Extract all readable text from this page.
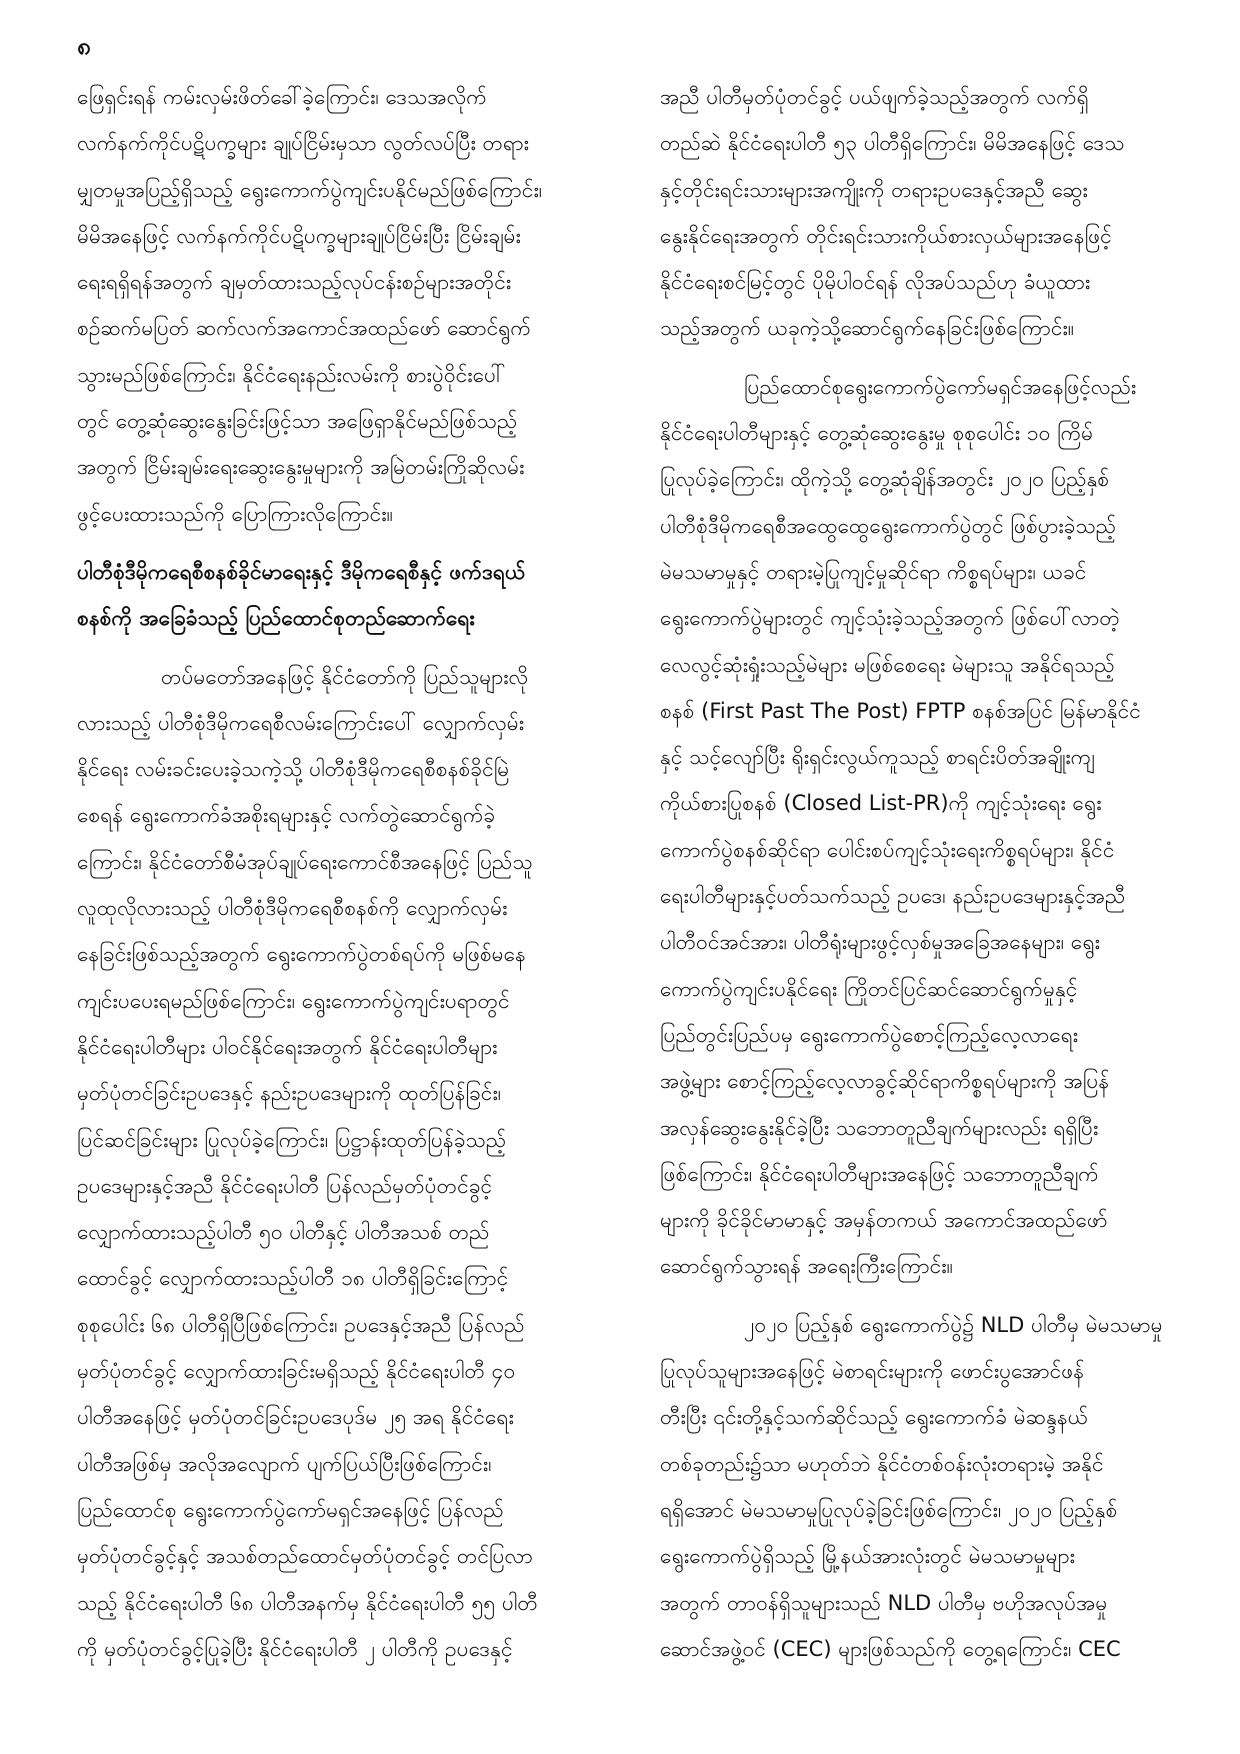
၈

ဖြေရှင်းရန် ကမ်းလှမ်းဖိတ်ခေါ်ခဲ့ကြောင်း၊ ဒေသအလိုက်
လက်နက်ကိုင်ပဋိပက္ခများ ချုပ်ငြိမ်းမှသာ လွတ်လပ်ပြီး တရား
မျှတမှုအပြည့်ရှိသည့် ရွေးကောက်ပွဲကျင်းပနိုင်မည်ဖြစ်ကြောင်း၊
မိမိအနေဖြင့် လက်နက်ကိုင်ပဋိပက္ခများချုပ်ငြိမ်းပြီး ငြိမ်းချမ်း
ရေးရရှိရန်အတွက် ချမှတ်ထားသည့်လုပ်ငန်းစဉ်များအတိုင်း
စဉ်ဆက်မပြတ် ဆက်လက်အကောင်အထည်ဖော် ဆောင်ရွက်
သွားမည်ဖြစ်ကြောင်း၊ နိုင်ငံရေးနည်းလမ်းကို စားပွဲဝိုင်းပေါ်
တွင် တွေ့ဆုံဆွေးနွေးခြင်းဖြင့်သာ အဖြေရှာနိုင်မည်ဖြစ်သည့်
အတွက် ငြိမ်းချမ်းရေးဆွေးနွေးမှုများကို အမြဲတမ်းကြိုဆိုလမ်း
ဖွင့်ပေးထားသည်ကို ပြောကြားလိုကြောင်း။

ပါတီစုံဒီမိုကရေစီစနစ်ခိုင်မာရေးနှင့် ဒီမိုကရေစီနှင့် ဖက်ဒရယ်
စနစ်ကို အခြေခံသည့် ပြည်ထောင်စုတည်ဆောက်ရေး

တပ်မတော်အနေဖြင့် နိုင်ငံတော်ကို ပြည်သူများလို
လားသည့် ပါတီစုံဒီမိုကရေစီလမ်းကြောင်းပေါ် လျှောက်လှမ်း
နိုင်ရေး လမ်းခင်းပေးခဲ့သကဲ့သို့ ပါတီစုံဒီမိုကရေစီစနစ်ခိုင်မြဲ
စေရန် ရွေးကောက်ခံအစိုးရများနှင့် လက်တွဲဆောင်ရွက်ခဲ့
ကြောင်း၊ နိုင်ငံတော်စီမံအုပ်ချုပ်ရေးကောင်စီအနေဖြင့် ပြည်သူ
လူထုလိုလားသည့် ပါတီစုံဒီမိုကရေစီစနစ်ကို လျှောက်လှမ်း
နေခြင်းဖြစ်သည့်အတွက် ရွေးကောက်ပွဲတစ်ရပ်ကို မဖြစ်မနေ
ကျင်းပပေးရမည်ဖြစ်ကြောင်း၊ ရွေးကောက်ပွဲကျင်းပရာတွင်
နိုင်ငံရေးပါတီများ ပါဝင်နိုင်ရေးအတွက် နိုင်ငံရေးပါတီများ
မှတ်ပုံတင်ခြင်းဥပဒေနှင့် နည်းဥပဒေများကို ထုတ်ပြန်ခြင်း၊
ပြင်ဆင်ခြင်းများ ပြုလုပ်ခဲ့ကြောင်း၊ ပြဋ္ဌာန်းထုတ်ပြန်ခဲ့သည့်
ဥပဒေများနှင့်အညီ နိုင်ငံရေးပါတီ ပြန်လည်မှတ်ပုံတင်ခွင့်
လျှောက်ထားသည့်ပါတီ ၅၀ ပါတီနှင့် ပါတီအသစ် တည်
ထောင်ခွင့် လျှောက်ထားသည့်ပါတီ ၁၈ ပါတီရှိခြင်းကြောင့်
စုစုပေါင်း ၆၈ ပါတီရှိပြီဖြစ်ကြောင်း၊ ဥပဒေနှင့်အညီ ပြန်လည်
မှတ်ပုံတင်ခွင့် လျှောက်ထားခြင်းမရှိသည့် နိုင်ငံရေးပါတီ ၄၀
ပါတီအနေဖြင့် မှတ်ပုံတင်ခြင်းဥပဒေပုဒ်မ ၂၅ အရ နိုင်ငံရေး
ပါတီအဖြစ်မှ အလိုအလျောက် ပျက်ပြယ်ပြီးဖြစ်ကြောင်း၊
ပြည်ထောင်စု ရွေးကောက်ပွဲကော်မရှင်အနေဖြင့် ပြန်လည်
မှတ်ပုံတင်ခွင့်နှင့် အသစ်တည်ထောင်မှတ်ပုံတင်ခွင့် တင်ပြလာ
သည့် နိုင်ငံရေးပါတီ ၆၈ ပါတီအနက်မှ နိုင်ငံရေးပါတီ ၅၅ ပါတီ
ကို မှတ်ပုံတင်ခွင့်ပြုခဲ့ပြီး နိုင်ငံရေးပါတီ ၂ ပါတီကို ဥပဒေနှင့်

အညီ ပါတီမှတ်ပုံတင်ခွင့် ပယ်ဖျက်ခဲ့သည့်အတွက် လက်ရှိ
တည်ဆဲ နိုင်ငံရေးပါတီ ၅၃ ပါတီရှိကြောင်း၊ မိမိအနေဖြင့် ဒေသ
နှင့်တိုင်းရင်းသားများအကျိုးကို တရားဥပဒေနှင့်အညီ ဆွေး
နွေးနိုင်ရေးအတွက် တိုင်းရင်းသားကိုယ်စားလှယ်များအနေဖြင့်
နိုင်ငံရေးစင်မြင့်တွင် ပိုမိုပါဝင်ရန် လိုအပ်သည်ဟု ခံယူထား
သည့်အတွက် ယခုကဲ့သို့ဆောင်ရွက်နေခြင်းဖြစ်ကြောင်း။

ပြည်ထောင်စုရွေးကောက်ပွဲကော်မရှင်အနေဖြင့်လည်း
နိုင်ငံရေးပါတီများနှင့် တွေ့ဆုံဆွေးနွေးမှု စုစုပေါင်း ၁၀ ကြိမ်
ပြုလုပ်ခဲ့ကြောင်း၊ ထိုကဲ့သို့ တွေ့ဆုံချိန်အတွင်း ၂၀၂၀ ပြည့်နှစ်
ပါတီစုံဒီမိုကရေစီအထွေထွေရွေးကောက်ပွဲတွင် ဖြစ်ပွားခဲ့သည့်
မဲမသမာမှုနှင့် တရားမဲ့ပြုကျင့်မှုဆိုင်ရာ ကိစ္စရပ်များ၊ ယခင်
ရွေးကောက်ပွဲများတွင် ကျင့်သုံးခဲ့သည့်အတွက် ဖြစ်ပေါ်လာတဲ့
လေလွင့်ဆုံးရှုံးသည့်မဲများ မဖြစ်စေရေး မဲများသူ အနိုင်ရသည့်
စနစ် (First Past The Post) FPTP စနစ်အပြင် မြန်မာနိုင်ငံ
နှင့် သင့်လျော်ပြီး ရိုးရှင်းလွယ်ကူသည့် စာရင်းပိတ်အချိုးကျ
ကိုယ်စားပြုစနစ် (Closed List-PR)ကို ကျင့်သုံးရေး ရွေး
ကောက်ပွဲစနစ်ဆိုင်ရာ ပေါင်းစပ်ကျင့်သုံးရေးကိစ္စရပ်များ၊ နိုင်ငံ
ရေးပါတီများနှင့်ပတ်သက်သည့် ဥပဒေ၊ နည်းဥပဒေများနှင့်အညီ
ပါတီဝင်အင်အား၊ ပါတီရုံးများဖွင့်လှစ်မှုအခြေအနေများ၊ ရွေး
ကောက်ပွဲကျင်းပနိုင်ရေး ကြိုတင်ပြင်ဆင်ဆောင်ရွက်မှုနှင့်
ပြည်တွင်းပြည်ပမှ ရွေးကောက်ပွဲစောင့်ကြည့်လေ့လာရေး
အဖွဲ့များ စောင့်ကြည့်လေ့လာခွင့်ဆိုင်ရာကိစ္စရပ်များကို အပြန်
အလှန်ဆွေးနွေးနိုင်ခဲ့ပြီး သဘောတူညီချက်များလည်း ရရှိပြီး
ဖြစ်ကြောင်း၊ နိုင်ငံရေးပါတီများအနေဖြင့် သဘောတူညီချက်
များကို ခိုင်ခိုင်မာမာနှင့် အမှန်တကယ် အကောင်အထည်ဖော်
ဆောင်ရွက်သွားရန် အရေးကြီးကြောင်း။

၂၀၂၀ ပြည့်နှစ် ရွေးကောက်ပွဲ၌ NLD ပါတီမှ မဲမသမာမှု
ပြုလုပ်သူများအနေဖြင့် မဲစာရင်းများကို ဖောင်းပွအောင်ဖန်
တီးပြီး ၎င်းတို့နှင့်သက်ဆိုင်သည့် ရွေးကောက်ခံ မဲဆန္ဒနယ်
တစ်ခုတည်း၌သာ မဟုတ်ဘဲ နိုင်ငံတစ်ဝန်းလုံးတရားမဲ့ အနိုင်
ရရှိအောင် မဲမသမာမှုပြုလုပ်ခဲ့ခြင်းဖြစ်ကြောင်း၊ ၂၀၂၀ ပြည့်နှစ်
ရွေးကောက်ပွဲရှိသည့် မြို့နယ်အားလုံးတွင် မဲမသမာမှုများ
အတွက် တာဝန်ရှိသူများသည် NLD ပါတီမှ ဗဟိုအလုပ်အမှု
ဆောင်အဖွဲ့ဝင် (CEC) များဖြစ်သည်ကို တွေ့ရကြောင်း၊ CEC
